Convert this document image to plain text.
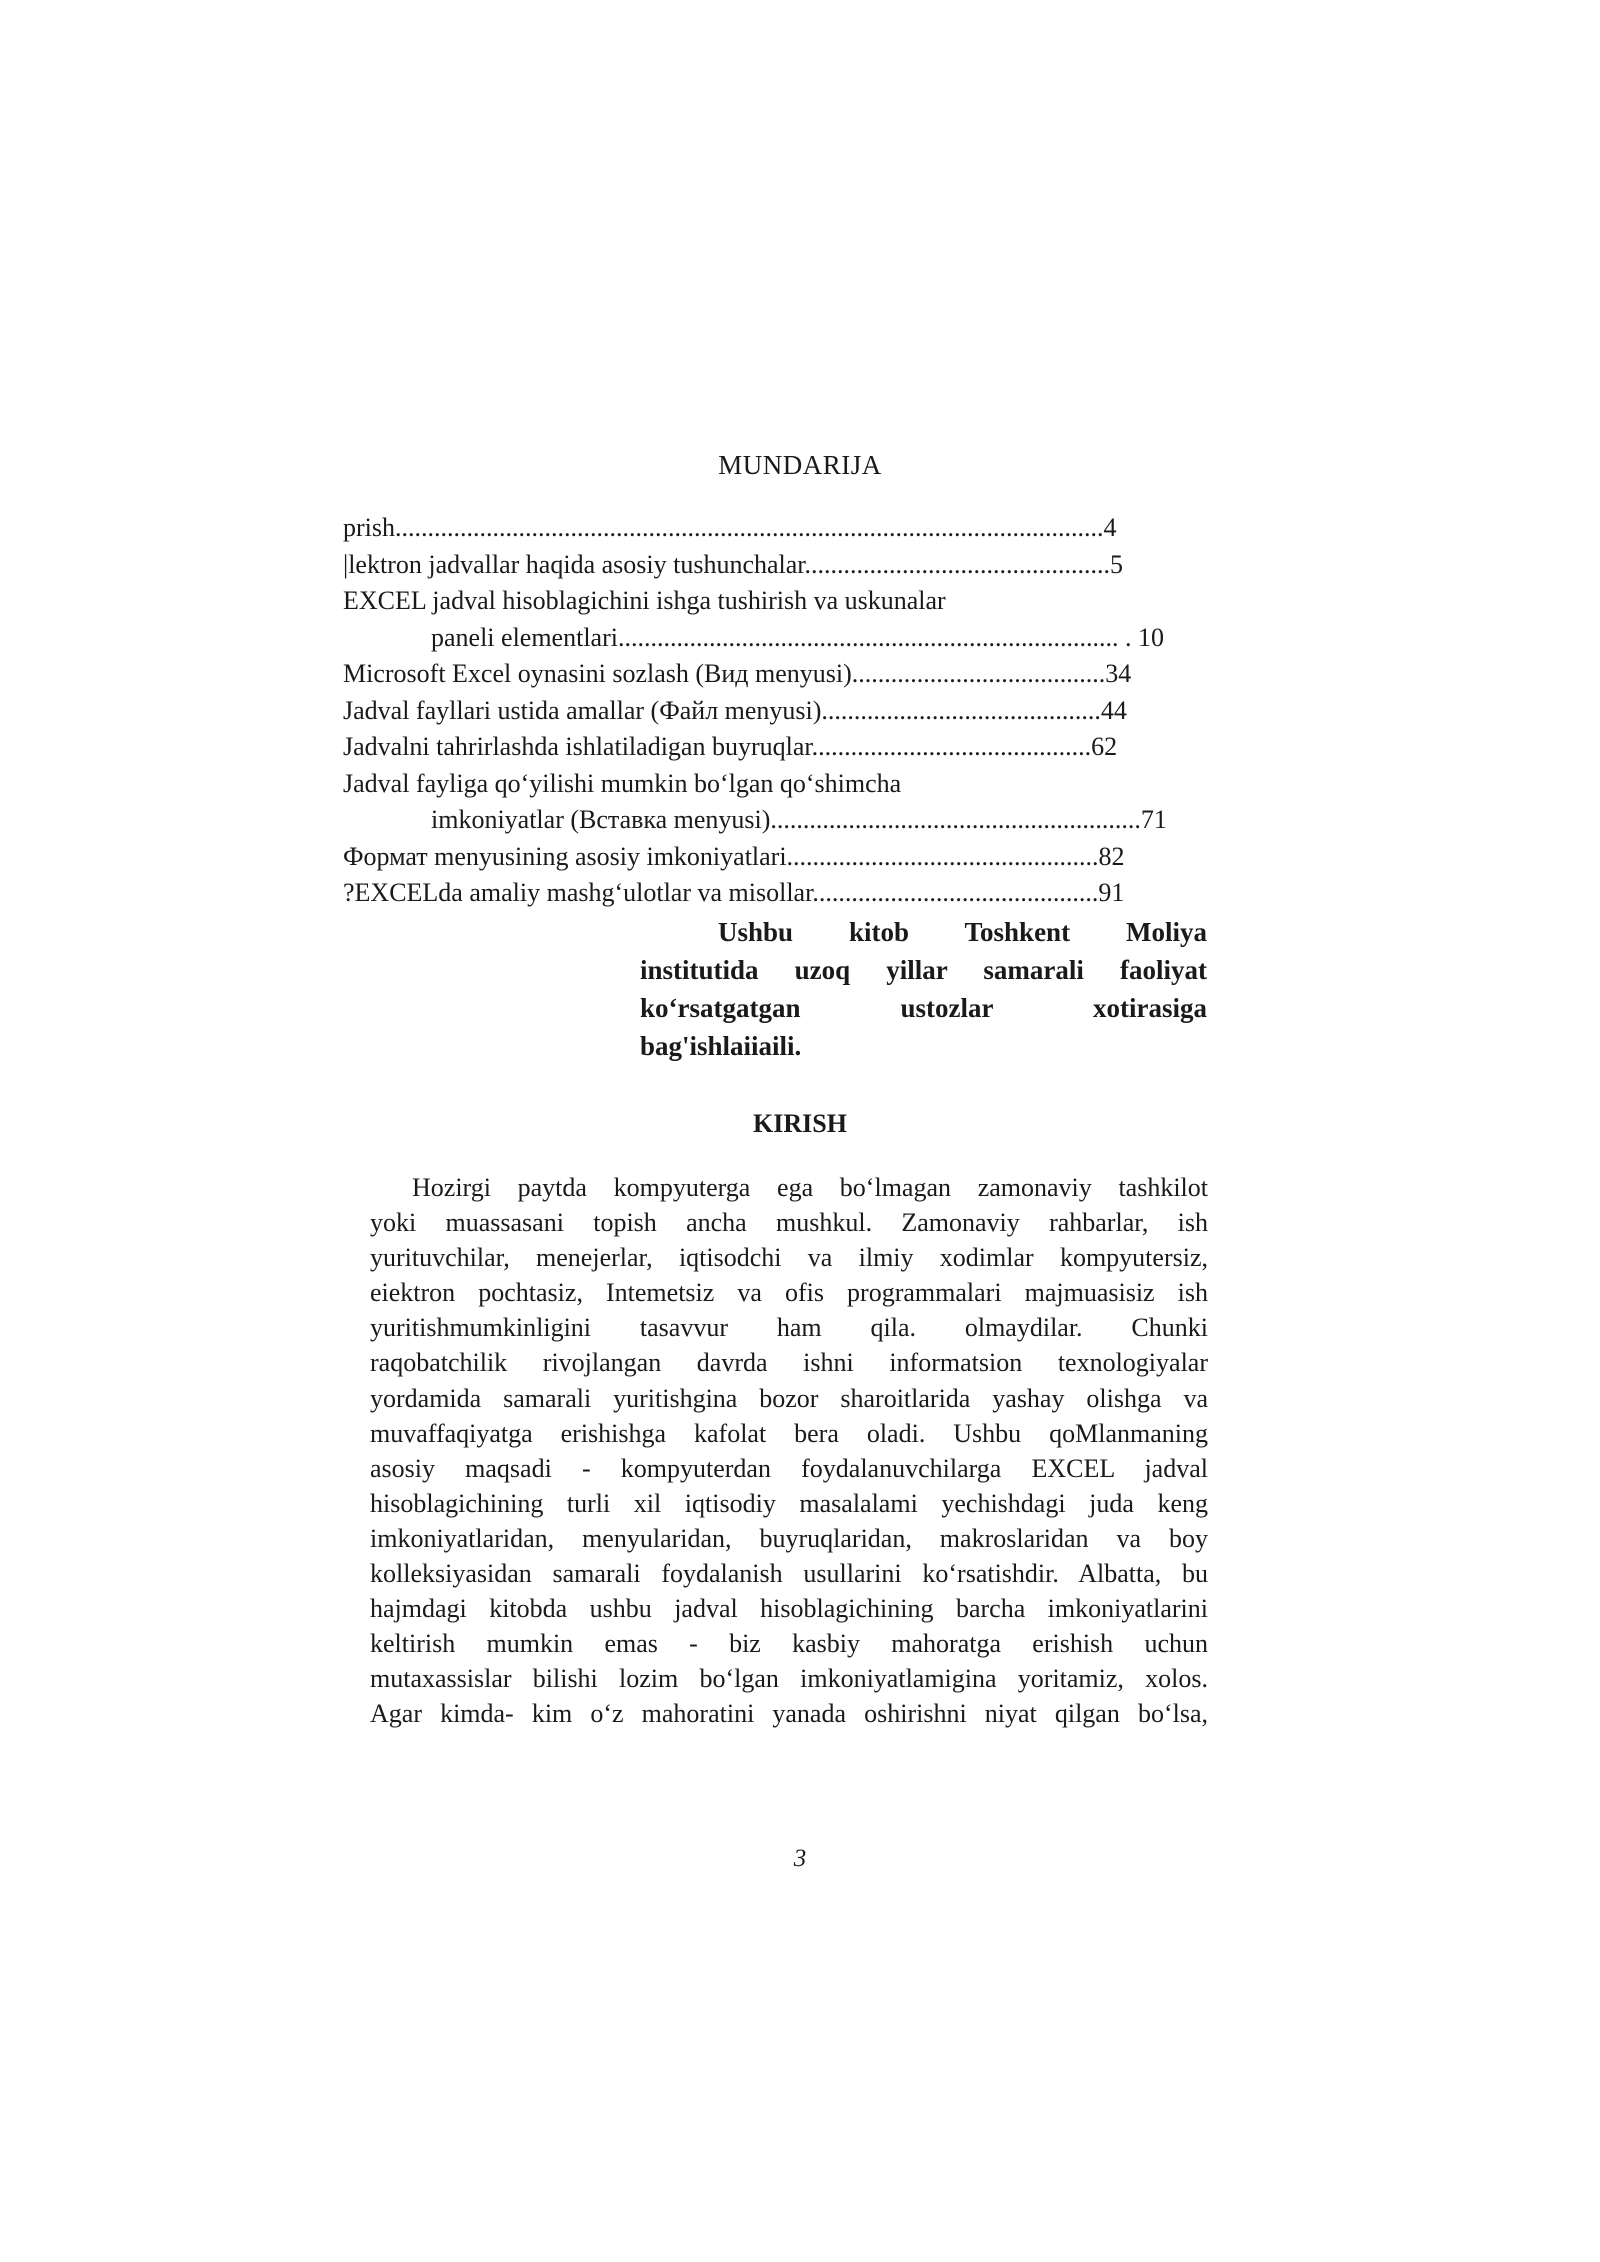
MUNDARIJA
prish.............................................................................................................4
|lektron jadvallar haqida asosiy tushunchalar...............................................5
EXCEL jadval hisoblagichini ishga tushirish va uskunalar
paneli elementlari............................................................................. . 10
Microsoft Excel oynasini sozlash (Вид menyusi).......................................34
Jadval fayllari ustida amallar (Файл menyusi)...........................................44
Jadvalni tahrirlashda ishlatiladigan buyruqlar...........................................62
Jadval fayliga qo‘yilishi mumkin bo‘lgan qo‘shimcha
imkoniyatlar (Вставка menyusi).........................................................71
Формат menyusining asosiy imkoniyatlari................................................82
?EXCELda amaliy mashg‘ulotlar va misollar............................................91
Ushbu kitob Toshkent Moliya
institutida uzoq yillar samarali faoliyat
ko‘rsatgatgan ustozlar xotirasiga
bag'ishlaiiaili.
KIRISH
Hozirgi paytda kompyuterga ega bo‘lmagan zamonaviy tashkilot
yoki muassasani topish ancha mushkul. Zamonaviy rahbarlar, ish
yurituvchilar, menejerlar, iqtisodchi va ilmiy xodimlar kompyutersiz,
eiektron pochtasiz, Intemetsiz va ofis programmalari majmuasisiz ish
yuritishmumkinligini tasavvur ham qila. olmaydilar. Chunki
raqobatchilik rivojlangan davrda ishni informatsion texnologiyalar
yordamida samarali yuritishgina bozor sharoitlarida yashay olishga va
muvaffaqiyatga erishishga kafolat bera oladi. Ushbu qoMlanmaning
asosiy maqsadi - kompyuterdan foydalanuvchilarga EXCEL jadval
hisoblagichining turli xil iqtisodiy masalalami yechishdagi juda keng
imkoniyatlaridan, menyularidan, buyruqlaridan, makroslaridan va boy
kolleksiyasidan samarali foydalanish usullarini ko‘rsatishdir. Albatta, bu
hajmdagi kitobda ushbu jadval hisoblagichining barcha imkoniyatlarini
keltirish mumkin emas - biz kasbiy mahoratga erishish uchun
mutaxassislar bilishi lozim bo‘lgan imkoniyatlamigina yoritamiz, xolos.
Agar kimda- kim o‘z mahoratini yanada oshirishni niyat qilgan bo‘lsa,
3
